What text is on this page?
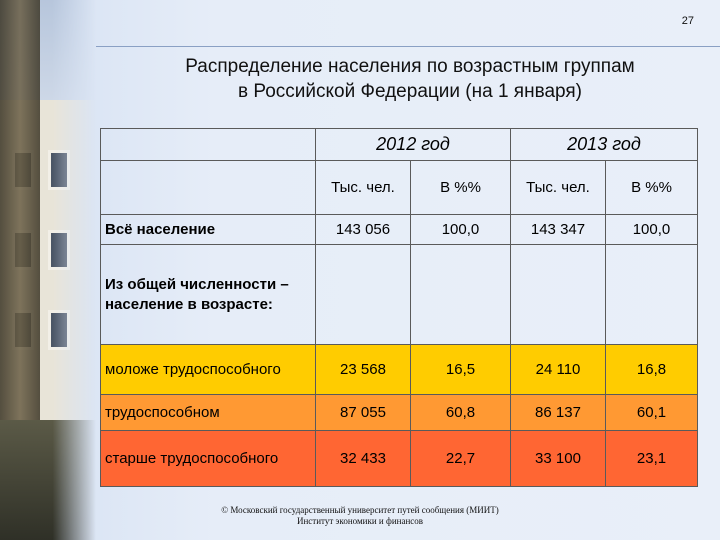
27
Распределение населения по возрастным группам
в Российской Федерации (на 1 января)
	2012 год		2013 год	
	Тыс. чел.	В %%	Тыс. чел.	В %%
Всё население	143 056	100,0	143 347	100,0
Из общей численности – население в возрасте:				
моложе трудоспособного	23 568	16,5	24 110	16,8
трудоспособном	87 055	60,8	86 137	60,1
старше трудоспособного	32 433	22,7	33 100	23,1
© Московский государственный университет путей сообщения (МИИТ)
Институт экономики и финансов
